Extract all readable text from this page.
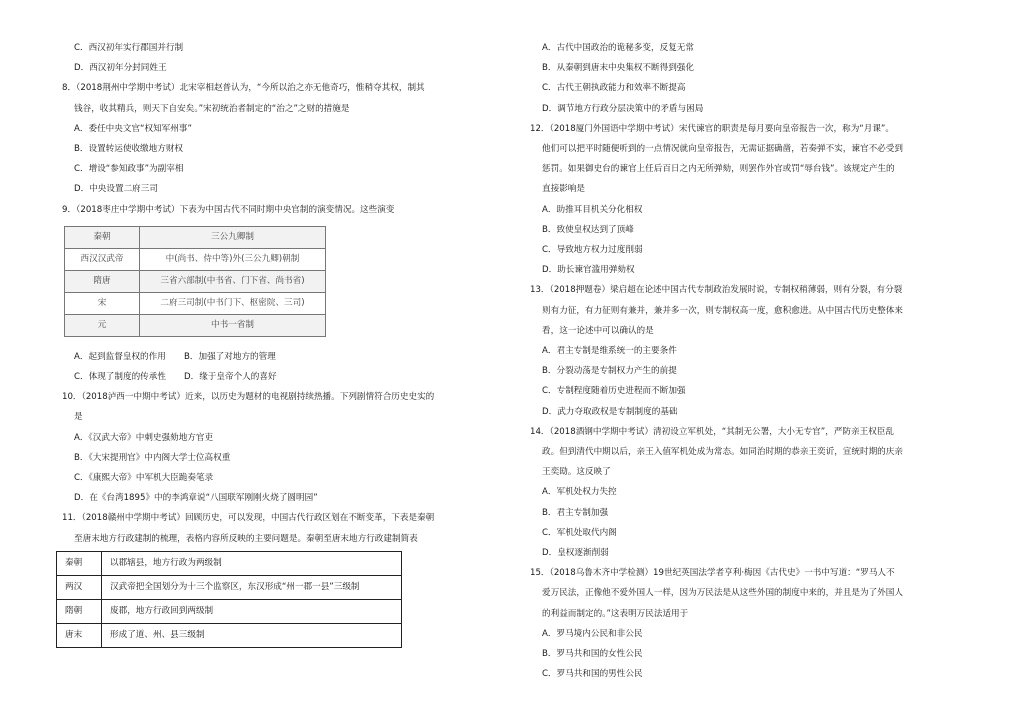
C．西汉初年实行郡国并行制
D．西汉初年分封同姓王
8．（2018荆州中学期中考试）北宋宰相赵普认为，“今所以治之亦无他奇巧，惟稍夺其权，制其
钱谷，收其精兵，则天下自安矣。”宋初统治者制定的“治之”之财的措施是
A．委任中央文官“权知军州事”
B．设置转运使收缴地方财权
C．增设“参知政事”为副宰相
D．中央设置二府三司
9．（2018枣庄中学期中考试）下表为中国古代不同时期中央官制的演变情况。这些演变
秦朝	三公九卿制
西汉汉武帝	中(尚书、侍中等)外(三公九卿)朝制
隋唐	三省六部制(中书省、门下省、尚书省)
宋	二府三司制(中书门下、枢密院、三司)
元	中书一省制
A．起到监督皇权的作用	B．加强了对地方的管理
C．体现了制度的传承性	D．缘于皇帝个人的喜好
10．（2018泸西一中期中考试）近来，以历史为题材的电视剧持续热播。下列剧情符合历史史实的
是
A．《汉武大帝》中刺史强劾地方官吏
B．《大宋提刑官》中内阁大学士位高权重
C．《康熙大帝》中军机大臣跪奏笔录
D．在《台湾1895》中的李鸿章说“八国联军刚刚火烧了圆明园”
11．（2018赣州中学期中考试）回顾历史，可以发现，中国古代行政区划在不断变革，下表是秦朝
至唐末地方行政建制的梳理，表格内容所反映的主要问题是。秦朝至唐末地方行政建制简表
秦朝	以郡辖县，地方行政为两级制
两汉	汉武帝把全国划分为十三个监察区，东汉形成“州一郡一县”三级制
隋朝	废郡，地方行政回到两级制
唐末	形成了道、州、县三级制
A．古代中国政治的诡秘多变，反复无常
B．从秦朝到唐末中央集权不断得到强化
C．古代王朝执政能力和效率不断提高
D．调节地方行政分层决策中的矛盾与困局
12．（2018厦门外国语中学期中考试）宋代谏官的职责是每月要向皇帝报告一次，称为“月课”。
他们可以把平时随便听到的一点情况就向皇帝报告，无需证据确凿，若奏弹不实，谏官不必受到
惩罚。如果御史台的谏官上任后百日之内无所弹劾，则罢作外官或罚“辱台钱”。该规定产生的
直接影响是
A．助推耳目机关分化相权
B．致使皇权达到了顶峰
C．导致地方权力过度削弱
D．助长谏官滥用弹劾权
13．（2018押题卷）梁启超在论述中国古代专制政治发展时说，专制权稍薄弱，则有分裂，有分裂
则有力征，有力征则有兼并，兼并多一次，则专制权高一度，愈积愈进。从中国古代历史整体来
看，这一论述中可以确认的是
A．君主专制是维系统一的主要条件
B．分裂动荡是专制权力产生的前提
C．专制程度随着历史进程而不断加强
D．武力夺取政权是专制制度的基础
14．（2018酒钢中学期中考试）清初设立军机处，“其制无公署，大小无专官”，严防亲王权臣乱
政。但到清代中期以后，亲王入值军机处成为常态。如同治时期的恭亲王奕䜣，宣统时期的庆亲
王奕劻。这反映了
A．军机处权力失控
B．君主专制加强
C．军机处取代内阁
D．皇权逐渐削弱
15．（2018乌鲁木齐中学检测）19世纪英国法学者亨利·梅因《古代史》一书中写道：“罗马人不
爱万民法，正像他不爱外国人一样，因为万民法是从这些外国的制度中来的，并且是为了外国人
的利益而制定的。”这表明万民法适用于
A．罗马境内公民和非公民
B．罗马共和国的女性公民
C．罗马共和国的男性公民
